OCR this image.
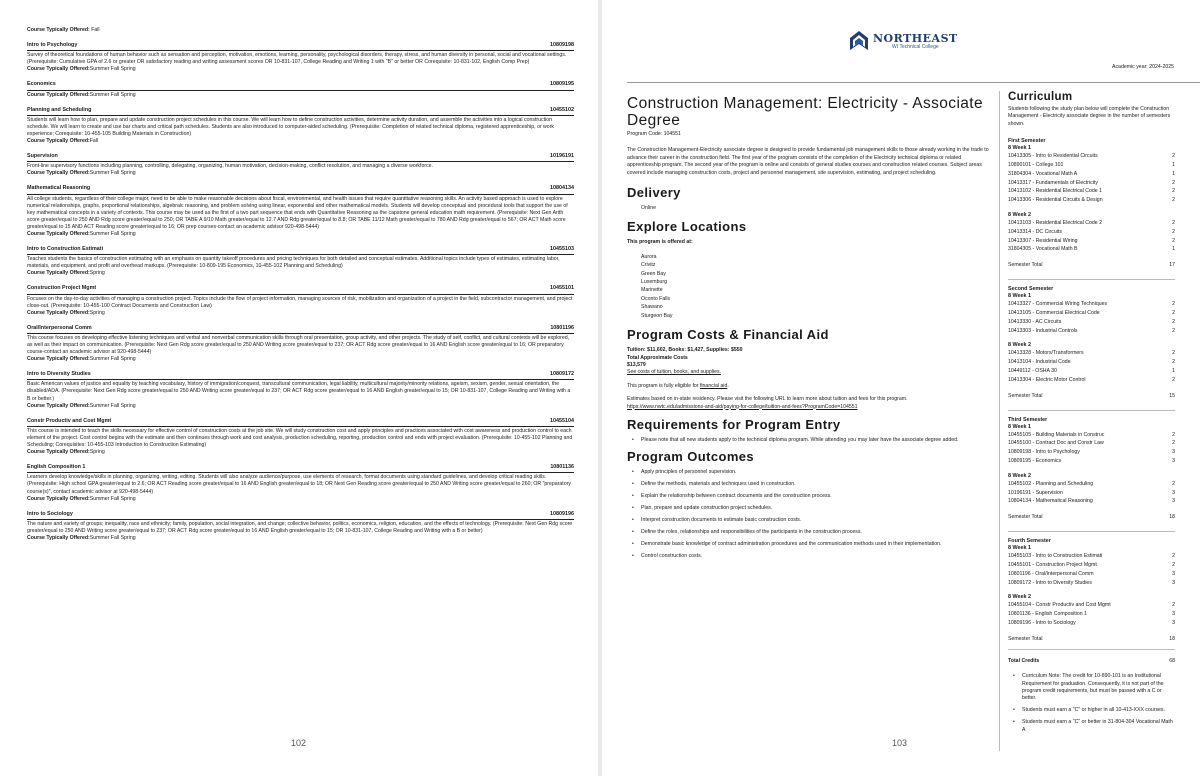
Course Typically Offered: Fall
Intro to Psychology	10809198
Survey of theoretical foundations of human behavior such as sensation and perception, motivation, emotions, learning, personality, psychological disorders, therapy, stress, and human diversity in personal, social and vocational settings. (Prerequisite: Cumulative GPA of 2.6 or greater OR satisfactory reading and writing assessment scores OR 10-831-107, College Reading and Writing 1 with "B" or better OR Corequisite: 10-831-102, English Comp Prep)
Course Typically Offered:Summer Fall Spring
Economics	10809195
Course Typically Offered:Summer Fall Spring
Planning and Scheduling	10455102
Students will learn how to plan, prepare and update construction project schedules in this course. We will learn how to define construction activities, determine activity duration, and assemble the activities into a logical construction schedule. We will learn to create and use bar charts and critical path schedules. Students are also introduced to computer-aided scheduling. (Prerequisite: Completion of related technical diploma, registered apprenticeship, or work experience; Corequisite: 10-455-105 Building Materials in Construction)
Course Typically Offered:Fall
Supervision	10196191
Front-line supervisory functions including planning, controlling, delegating, organizing, human motivation, decision-making, conflict resolution, and managing a diverse workforce.
Course Typically Offered:Summer Fall Spring
Mathematical Reasoning	10804134
All college students, regardless of their college major, need to be able to make reasonable decisions about fiscal, environmental, and health issues that require quantitative reasoning skills. An activity based approach is used to explore numerical relationships, graphs, proportional relationships, algebraic reasoning, and problem solving using linear, exponential and other mathematical models. Students will develop conceptual and procedural tools that support the use of key mathematical concepts in a variety of contexts. This course may be used as the first of a two part sequence that ends with Quantitative Reasoning as the capstone general education math requirement. (Prerequisite: Next Gen Arith score greater/equal to 250 AND Rdg score greater/equal to 250; OR TABE A 9/10 Math greater/equal to 12.7 AND Rdg greater/equal to 8.8; OR TABE 11/12 Math greater/equal to 780 AND Rdg greater/equal to 567; OR ACT Math score greater/equal to 15 AND ACT Reading score greater/equal to 16; OR prep courses-contact an academic advisor 920-498-5444)
Course Typically Offered:Summer Fall Spring
Intro to Construction Estimati	10455103
Teaches students the basics of construction estimating with an emphasis on quantity takeoff procedures and pricing techniques for both detailed and conceptual estimates. Additional topics include types of estimates, estimating labor, materials, and equipment, and profit and overhead markups. (Prerequisite: 10-809-195 Economics, 10-455-102 Planning and Scheduling)
Course Typically Offered:Spring
Construction Project Mgmt	10455101
Focuses on the day-to-day activities of managing a construction project. Topics include the flow of project information, managing sources of risk, mobilization and organization of a project in the field, subcontractor management, and project close-out. (Prerequisite: 10-455-100 Contract Documents and Construction Law)
Course Typically Offered:Spring
Oral/Interpersonal Comm	10801196
This course focuses on developing effective listening techniques and verbal and nonverbal communication skills through oral presentation, group activity, and other projects. The study of self, conflict, and cultural contexts will be explored, as well as their impact on communication. (Prerequisite: Next Gen Rdg score greater/equal to 250 AND Writing score greater/equal to 237; OR ACT Rdg score greater/equal to 16 AND English score greater/equal to 16; OR preparatory course-contact an academic advisor at 920-498-5444)
Course Typically Offered:Summer Fall Spring
Intro to Diversity Studies	10809172
Basic American values of justice and equality by teaching vocabulary, history of immigration/conquest, transcultural communication, legal liability, multicultural majority/minority relations, ageism, sexism, gender, sexual orientation, the disabled/ADA. (Prerequisite: Next Gen Rdg score greater/equal to 250 AND Writing score greater/equal to 237; OR ACT Rdg score greater/equal to 16 AND English greater/equal to 15; OR 10-831-107, College Reading and Writing with a B or better.)
Course Typically Offered:Summer Fall Spring
Constr Productiv and Cost Mgmt	10455104
This course is intended to teach the skills necessary for effective control of construction costs at the job site. We will study construction cost and apply principles and practices associated with cost awareness and production control to each element of the project. Cost control begins with the estimate and then continues through work and cost analysis, production scheduling, reporting, production control and ends with project evaluation. (Prerequisite: 10-455-102 Planning and Scheduling; Corequisites: 10-455-103 Introduction to Construction Estimating)
Course Typically Offered:Spring
English Composition 1	10801136
Learners develop knowledge/skills in planning, organizing, writing, editing. Students will also analyze audience/purpose, use elements of research, format documents using standard guidelines, and develop critical reading skills. (Prerequisite: High school GPA greater/equal to 2.6; OR ACT Reading score greater/equal to 16 AND English greater/equal to 18; OR Next Gen Reading score greater/equal to 250 AND Writing score greater/equal to 260; OR "preparatory course(s)", contact academic advisor at 920-498-5444)
Course Typically Offered:Summer Fall Spring
Intro to Sociology	10809196
The nature and variety of groups; inequality, race and ethnicity; family, population, social integration, and change; collective behavior, politics, economics, religion, education, and the effects of technology. (Prerequisite: Next Gen Rdg score greater/equal to 250 AND Writing score greater/equal to 237; OR ACT Rdg score greater/equal to 16 AND English greater/equal to 15; OR 10-831-107, College Reading and Writing with a B or better)
Course Typically Offered:Summer Fall Spring
102
NORTHEAST
WI Technical College
Academic year: 2024-2025
Construction Management: Electricity - Associate Degree
Program Code: 104551

The Construction Management-Electricity associate degree is designed to provide fundamental job management skills to those already working in the trade to advance their career in the construction field. The first year of the program consists of the completion of the Electricity technical diploma or related apprenticeship program. The second year of the program is online and consists of general studies courses and construction related courses. Subject areas covered include managing construction costs, project and personnel management, site supervision, estimating, and project scheduling.

Delivery
Online
Explore Locations
This program is offered at:
Aurora
Crivitz
Green Bay
Luxemburg
Marinette
Oconto Falls
Shawano
Sturgeon Bay
Program Costs & Financial Aid
Tuition: $11,602, Books: $1,427, Supplies: $550
Total Approximate Costs
$13,579
See costs of tuition, books, and supplies.
This program is fully eligible for financial aid.
Estimates based on in-state residency. Please visit the following URL to learn more about tuition and fees for this program.
https://www.nwtc.edu/admissions-and-aid/paying-for-college/tuition-and-fees?ProgramCode=104551
Requirements for Program Entry
• Please note that all new students apply to the technical diploma program. While attending you may later have the associate degree added.
Program Outcomes
• Apply principles of personnel supervision.
• Define the methods, materials and techniques used in construction.
• Explain the relationship between contract documents and the construction process.
• Plan, prepare and update construction project schedules.
• Interpret construction documents to estimate basic construction costs.
• Define the roles, relationships and responsibilities of the participants in the construction process.
• Demonstrate basic knowledge of contract administration procedures and the communication methods used in their implementation.
• Control construction costs.
Curriculum

Students following the study plan below will complete the Construction Management - Electricity associate degree in the number of semesters shown.

First Semester
8 Week 1
10413305 - Intro to Residential Circuits	2
10890101 - College 101	1
31804304 - Vocational Math A	1
10413317 - Fundamentals of Electricity	2
10413102 - Residential Electrical Code 1	2
10413306 - Residential Circuits & Design	2
8 Week 2
10413103 - Residential Electrical Code 2	2
10413314 - DC Circuits	2
10413307 - Residential Wiring	2
31804305 - Vocational Math B	1
Semester Total	17
Second Semester
8 Week 1
10413327 - Commercial Wiring Techniques	2
10413105 - Commercial Electrical Code	2
10413330 - AC Circuits	2
10413303 - Industrial Controls	2
8 Week 2
10413328 - Motors/Transformers	2
10413104 - Industrial Code	2
10449112 - OSHA 30	1
10413304 - Electric Motor Control	2
Semester Total	15
Third Semester
8 Week 1
10455105 - Building Materials in Construc	2
10455100 - Contract Doc and Constr Law	2
10809198 - Intro to Psychology	3
10809195 - Economics	3
8 Week 2
10455102 - Planning and Scheduling	2
10196191 - Supervision	3
10804134 - Mathematical Reasoning	3
Semester Total	18
Fourth Semester
8 Week 1
10455103 - Intro to Construction Estimati	2
10455101 - Construction Project Mgmt	2
10801196 - Oral/Interpersonal Comm	3
10809172 - Intro to Diversity Studies	3
8 Week 2
10455104 - Constr Productiv and Cost Mgmt	2
10801136 - English Composition 1	3
10809196 - Intro to Sociology	3
Semester Total	18
Total Credits	68
• Curriculum Note: The credit for 10-890-101 is an Institutional Requirement for graduation. Consequently, it is not part of the program credit requirements, but must be passed with a C or better.
• Students must earn a "C" or higher in all 10-413-XXX courses.
• Students must earn a "C" or better in 31-804-304 Vocational Math A
103
